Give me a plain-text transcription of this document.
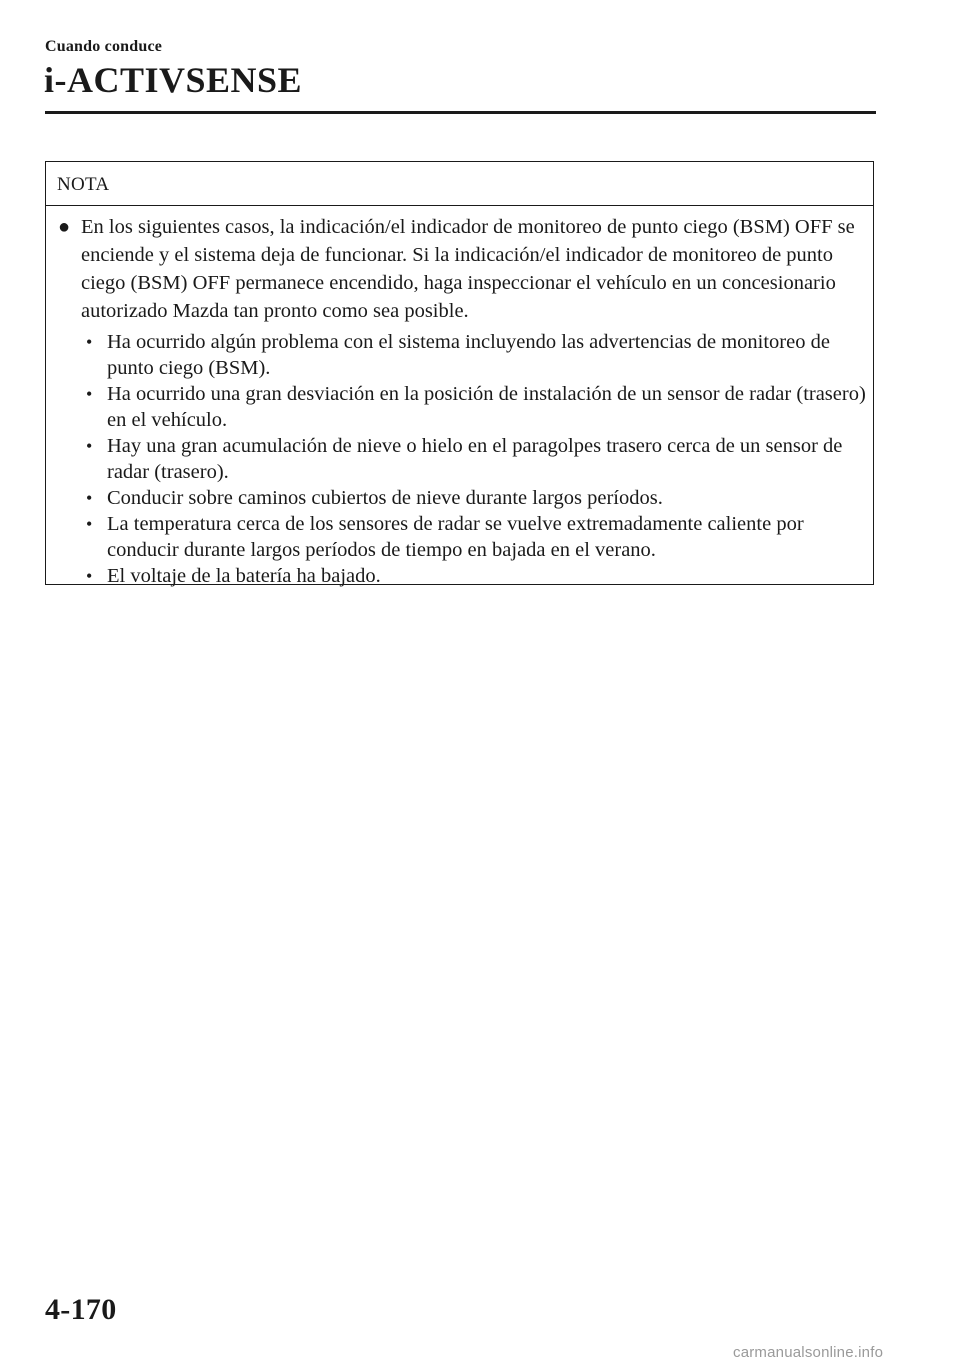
Cuando conduce
i-ACTIVSENSE
NOTA
● En los siguientes casos, la indicación/el indicador de monitoreo de punto ciego (BSM) OFF se enciende y el sistema deja de funcionar. Si la indicación/el indicador de monitoreo de punto ciego (BSM) OFF permanece encendido, haga inspeccionar el vehículo en un concesionario autorizado Mazda tan pronto como sea posible.
• Ha ocurrido algún problema con el sistema incluyendo las advertencias de monitoreo de punto ciego (BSM).
• Ha ocurrido una gran desviación en la posición de instalación de un sensor de radar (trasero) en el vehículo.
• Hay una gran acumulación de nieve o hielo en el paragolpes trasero cerca de un sensor de radar (trasero).
• Conducir sobre caminos cubiertos de nieve durante largos períodos.
• La temperatura cerca de los sensores de radar se vuelve extremadamente caliente por conducir durante largos períodos de tiempo en bajada en el verano.
• El voltaje de la batería ha bajado.
4-170
carmanualsonline.info
